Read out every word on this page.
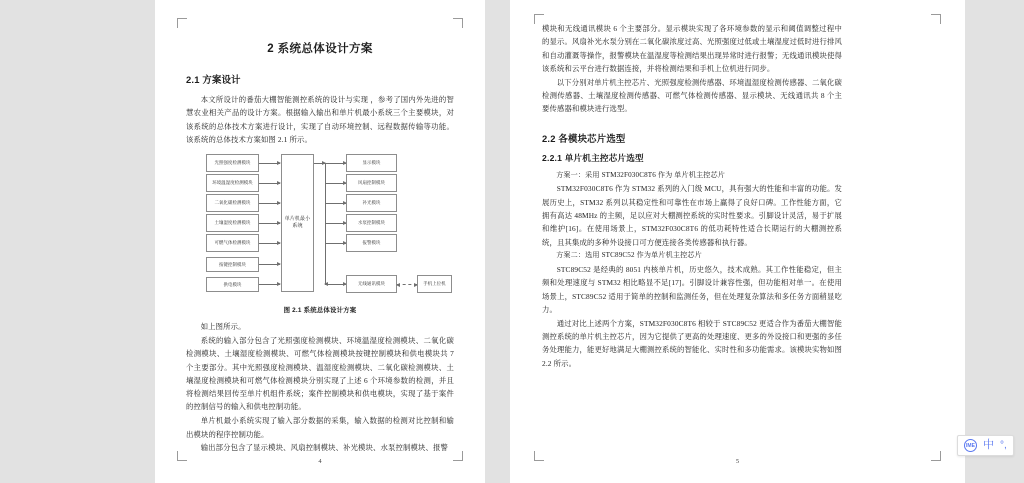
2 系统总体设计方案
2.1 方案设计

本文所设计的番茄大棚智能测控系统的设计与实现 ，参考了国内外先进的智慧农业相关产品的设计方案。根据输入输出和单片机最小系统三个主要模块，对该系统的总体技术方案进行设计，实现了自动环境控制、远程数据传输等功能。该系统的总体技术方案如图 2.1 所示。

光照强度检测模块
环境温湿度检测模块
二氧化碳检测模块
土壤湿度检测模块
可燃气体检测模块
按键控制模块
供电模块
单片机最小系统
显示模块
风扇控制模块
补光模块
水泵控制模块
报警模块
无线通讯模块	手机上位机
图 2.1 系统总体设计方案

如上图所示。

系统的输入部分包含了光照强度检测模块、环境温湿度检测模块、二氧化碳检测模块、土壤湿度检测模块、可燃气体检测模块按键控制模块和供电模块共 7 个主要部分。其中光照强度检测模块、温湿度检测模块、二氧化碳检测模块、土壤湿度检测模块和可燃气体检测模块分别实现了上述 6 个环境参数的检测，并且将检测结果回传至单片机组件系统；案件控制模块和供电模块，实现了基于案件的控制信号的输入和供电控制功能。

单片机最小系统实现了输入部分数据的采集，输入数据的检测对比控制和输出模块的程序控制功能。

输出部分包含了显示模块、风扇控制模块、补光模块、水泵控制模块、报警

4

模块和无线通讯模块 6 个主要部分。显示模块实现了各环境参数的显示和阈值调整过程中的显示。风扇补光水泵分别在二氧化碳浓度过高、光照强度过低或土壤湿度过低时进行排风和自动灌溉等操作，报警模块在温湿度等检测结果出现异常时进行报警；无线通讯模块使得该系统和云平台进行数据连接，并将检测结果和手机上位机进行同步。

以下分别对单片机主控芯片、光照强度检测传感器、环境温湿度检测传感器、二氧化碳检测传感器、土壤湿度检测传感器、可燃气体检测传感器、显示模块、无线通讯共 8 个主要传感器和模块进行选型。

2.2 各模块芯片选型
2.2.1 单片机主控芯片选型

方案一：采用 STM32F030C8T6 作为 单片机主控芯片

STM32F030C8T6 作为 STM32 系列的入门级 MCU，具有强大的性能和丰富的功能。发展历史上，STM32 系列以其稳定性和可靠性在市场上赢得了良好口碑。工作性能方面，它拥有高达 48MHz 的主频，足以应对大棚测控系统的实时性要求。引脚设计灵活，易于扩展和维护[16]。在使用场景上，STM32F030C8T6 的低功耗特性适合长期运行的大棚测控系统，且其集成的多种外设接口可方便连接各类传感器和执行器。

方案二：选用 STC89C52 作为单片机主控芯片

STC89C52 是经典的 8051 内核单片机，历史悠久，技术成熟。其工作性能稳定，但主频和处理速度与 STM32 相比略显不足[17]。引脚设计兼容性强，但功能相对单一。在使用场景上，STC89C52 适用于简单的控制和监测任务，但在处理复杂算法和多任务方面稍显吃力。

通过对比上述两个方案，STM32F030C8T6 相较于 STC89C52 更适合作为番茄大棚智能测控系统的单片机主控芯片，因为它提供了更高的处理速度、更多的外设接口和更强的多任务处理能力，能更好地满足大棚测控系统的智能化、实时性和多功能需求。该模块实物如图 2.2 所示。

5
IME 中 °,
